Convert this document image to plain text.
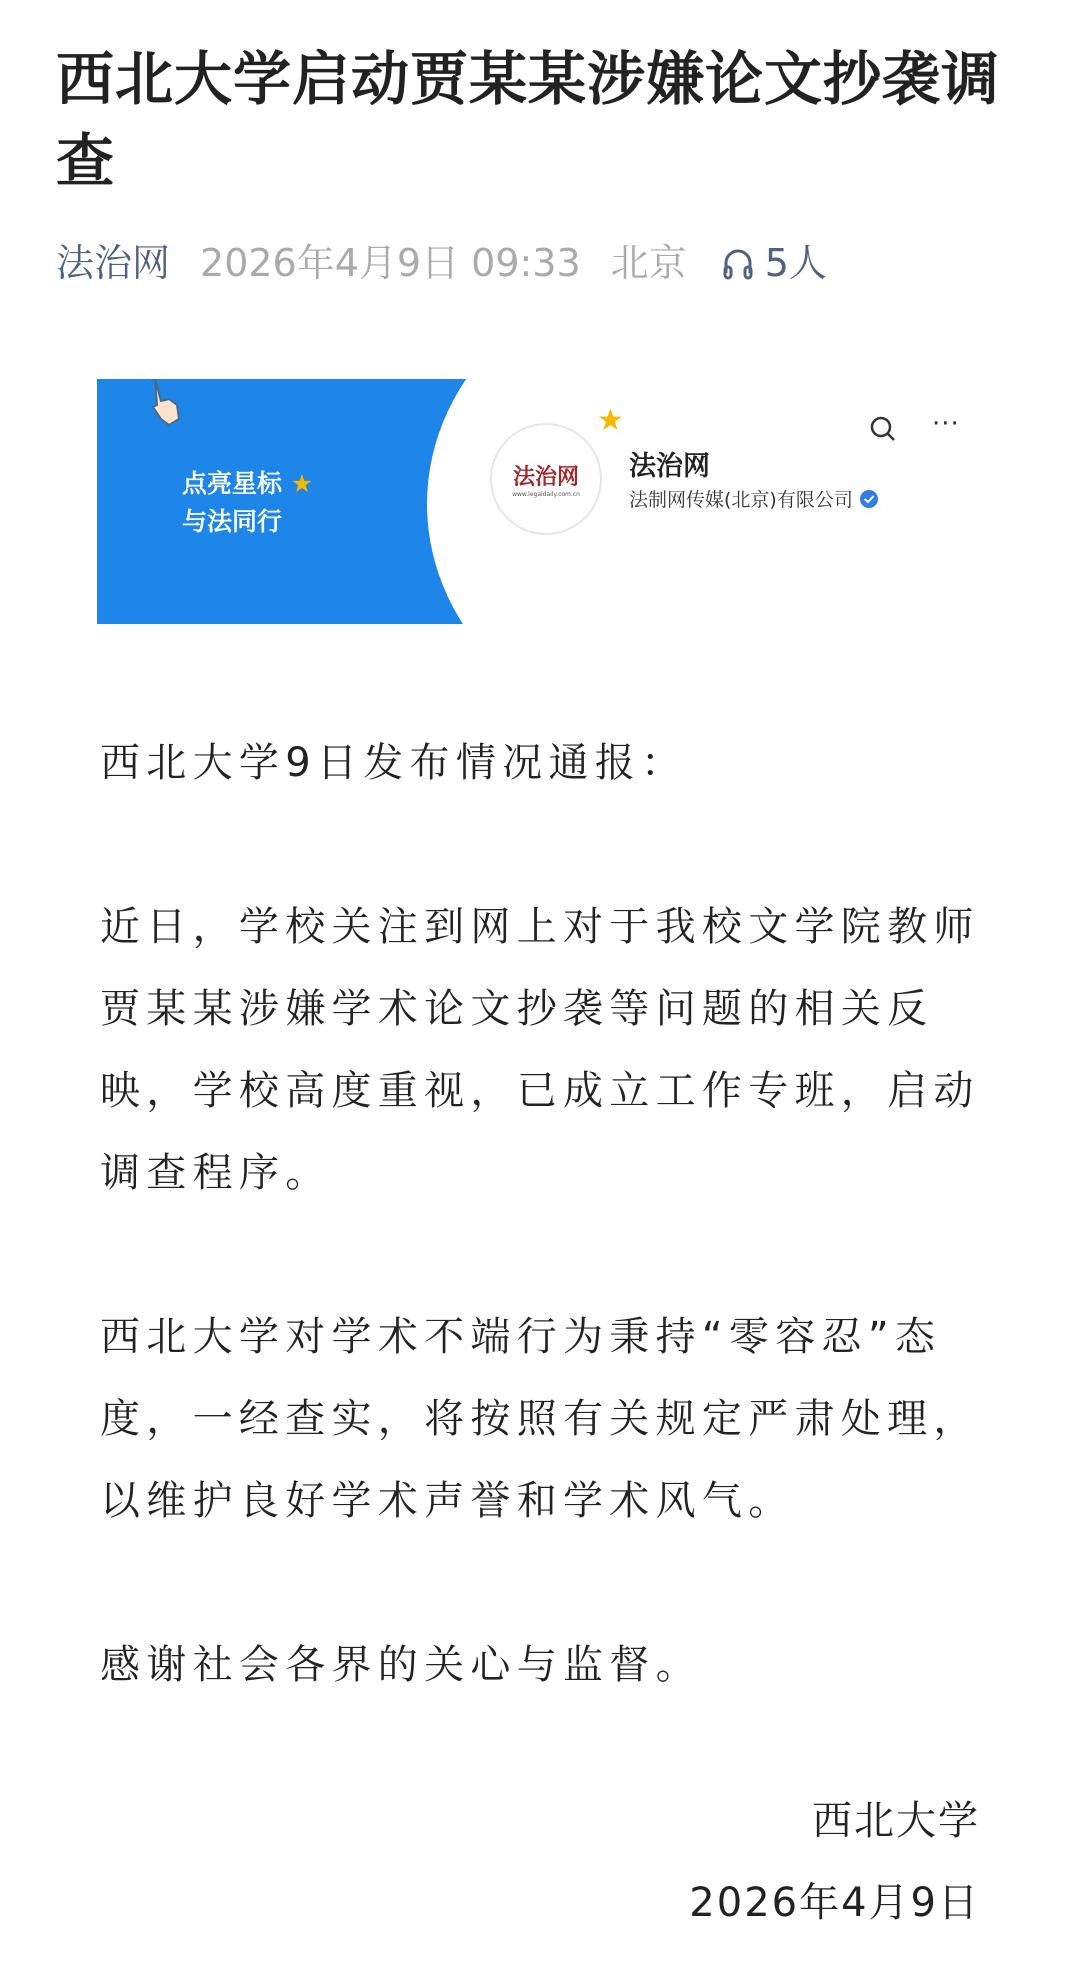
西北大学启动贾某某涉嫌论文抄袭调查
法治网 2026年4月9日 09:33 北京 5人
点亮星标 ★
与法同行
法治网
www.legaldaily.com.cn
法治网
法制网传媒(北京)有限公司
★	···

西北大学9日发布情况通报：

近日，学校关注到网上对于我校文学院教师贾某某涉嫌学术论文抄袭等问题的相关反映，学校高度重视，已成立工作专班，启动调查程序。

西北大学对学术不端行为秉持“零容忍”态度，一经查实，将按照有关规定严肃处理，以维护良好学术声誉和学术风气。

感谢社会各界的关心与监督。

西北大学
2026年4月9日
